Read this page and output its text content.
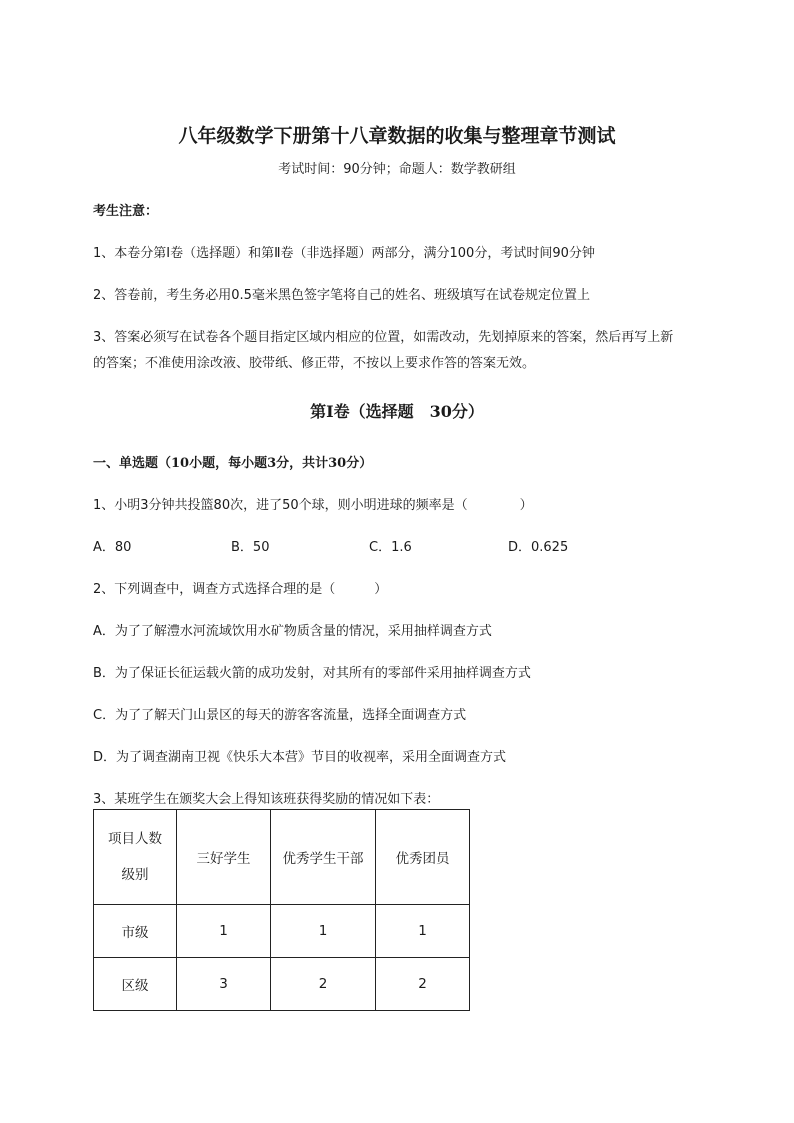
八年级数学下册第十八章数据的收集与整理章节测试
考试时间：90分钟；命题人：数学教研组
考生注意：
1、本卷分第I卷（选择题）和第Ⅱ卷（非选择题）两部分，满分100分，考试时间90分钟
2、答卷前，考生务必用0.5毫米黑色签字笔将自己的姓名、班级填写在试卷规定位置上
3、答案必须写在试卷各个题目指定区域内相应的位置，如需改动，先划掉原来的答案，然后再写上新
的答案；不准使用涂改液、胶带纸、修正带，不按以上要求作答的答案无效。
第I卷（选择题　30分）
一、单选题（10小题，每小题3分，共计30分）
1、小明3分钟共投篮80次，进了50个球，则小明进球的频率是（　　　　）
A．80	B．50	C．1.6	D．0.625
2、下列调查中，调查方式选择合理的是（　　　）
A．为了了解澧水河流域饮用水矿物质含量的情况，采用抽样调查方式
B．为了保证长征运载火箭的成功发射，对其所有的零部件采用抽样调查方式
C．为了了解天门山景区的每天的游客客流量，选择全面调查方式
D．为了调查湖南卫视《快乐大本营》节目的收视率，采用全面调查方式
3、某班学生在颁奖大会上得知该班获得奖励的情况如下表：
项目人数
级别	三好学生	优秀学生干部	优秀团员
市级	1	1	1
区级	3	2	2
